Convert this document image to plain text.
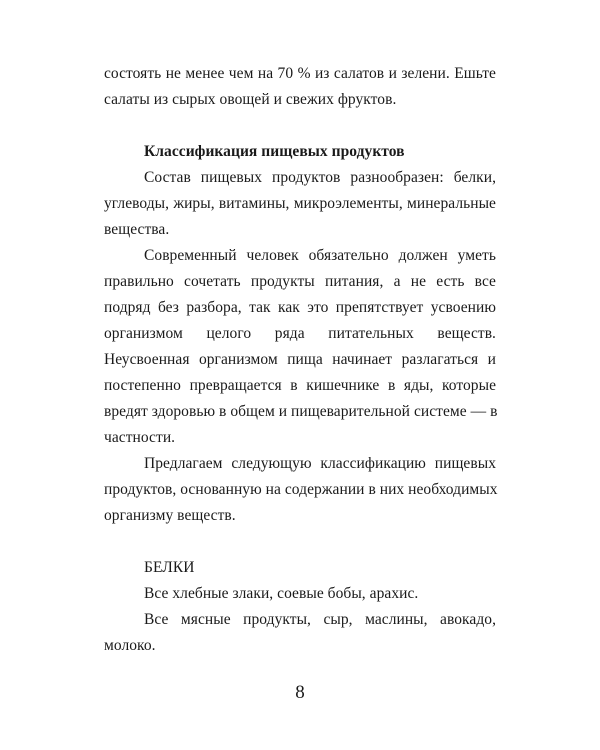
состоять не менее чем на 70 % из салатов и зелени. Ешьте
салаты из сырых овощей и свежих фруктов.
Классификация пищевых продуктов
Состав пищевых продуктов разнообразен: белки,
углеводы, жиры, витамины, микроэлементы, минеральные
вещества.
Современный человек обязательно должен уметь
правильно сочетать продукты питания, а не есть все
подряд без разбора, так как это препятствует усвоению
организмом целого ряда питательных веществ.
Неусвоенная организмом пища начинает разлагаться и
постепенно превращается в кишечнике в яды, которые
вредят здоровью в общем и пищеварительной системе — в
частности.
Предлагаем следующую классификацию пищевых
продуктов, основанную на содержании в них необходимых
организму веществ.
БЕЛКИ
Все хлебные злаки, соевые бобы, арахис.
Все мясные продукты, сыр, маслины, авокадо,
молоко.
8
